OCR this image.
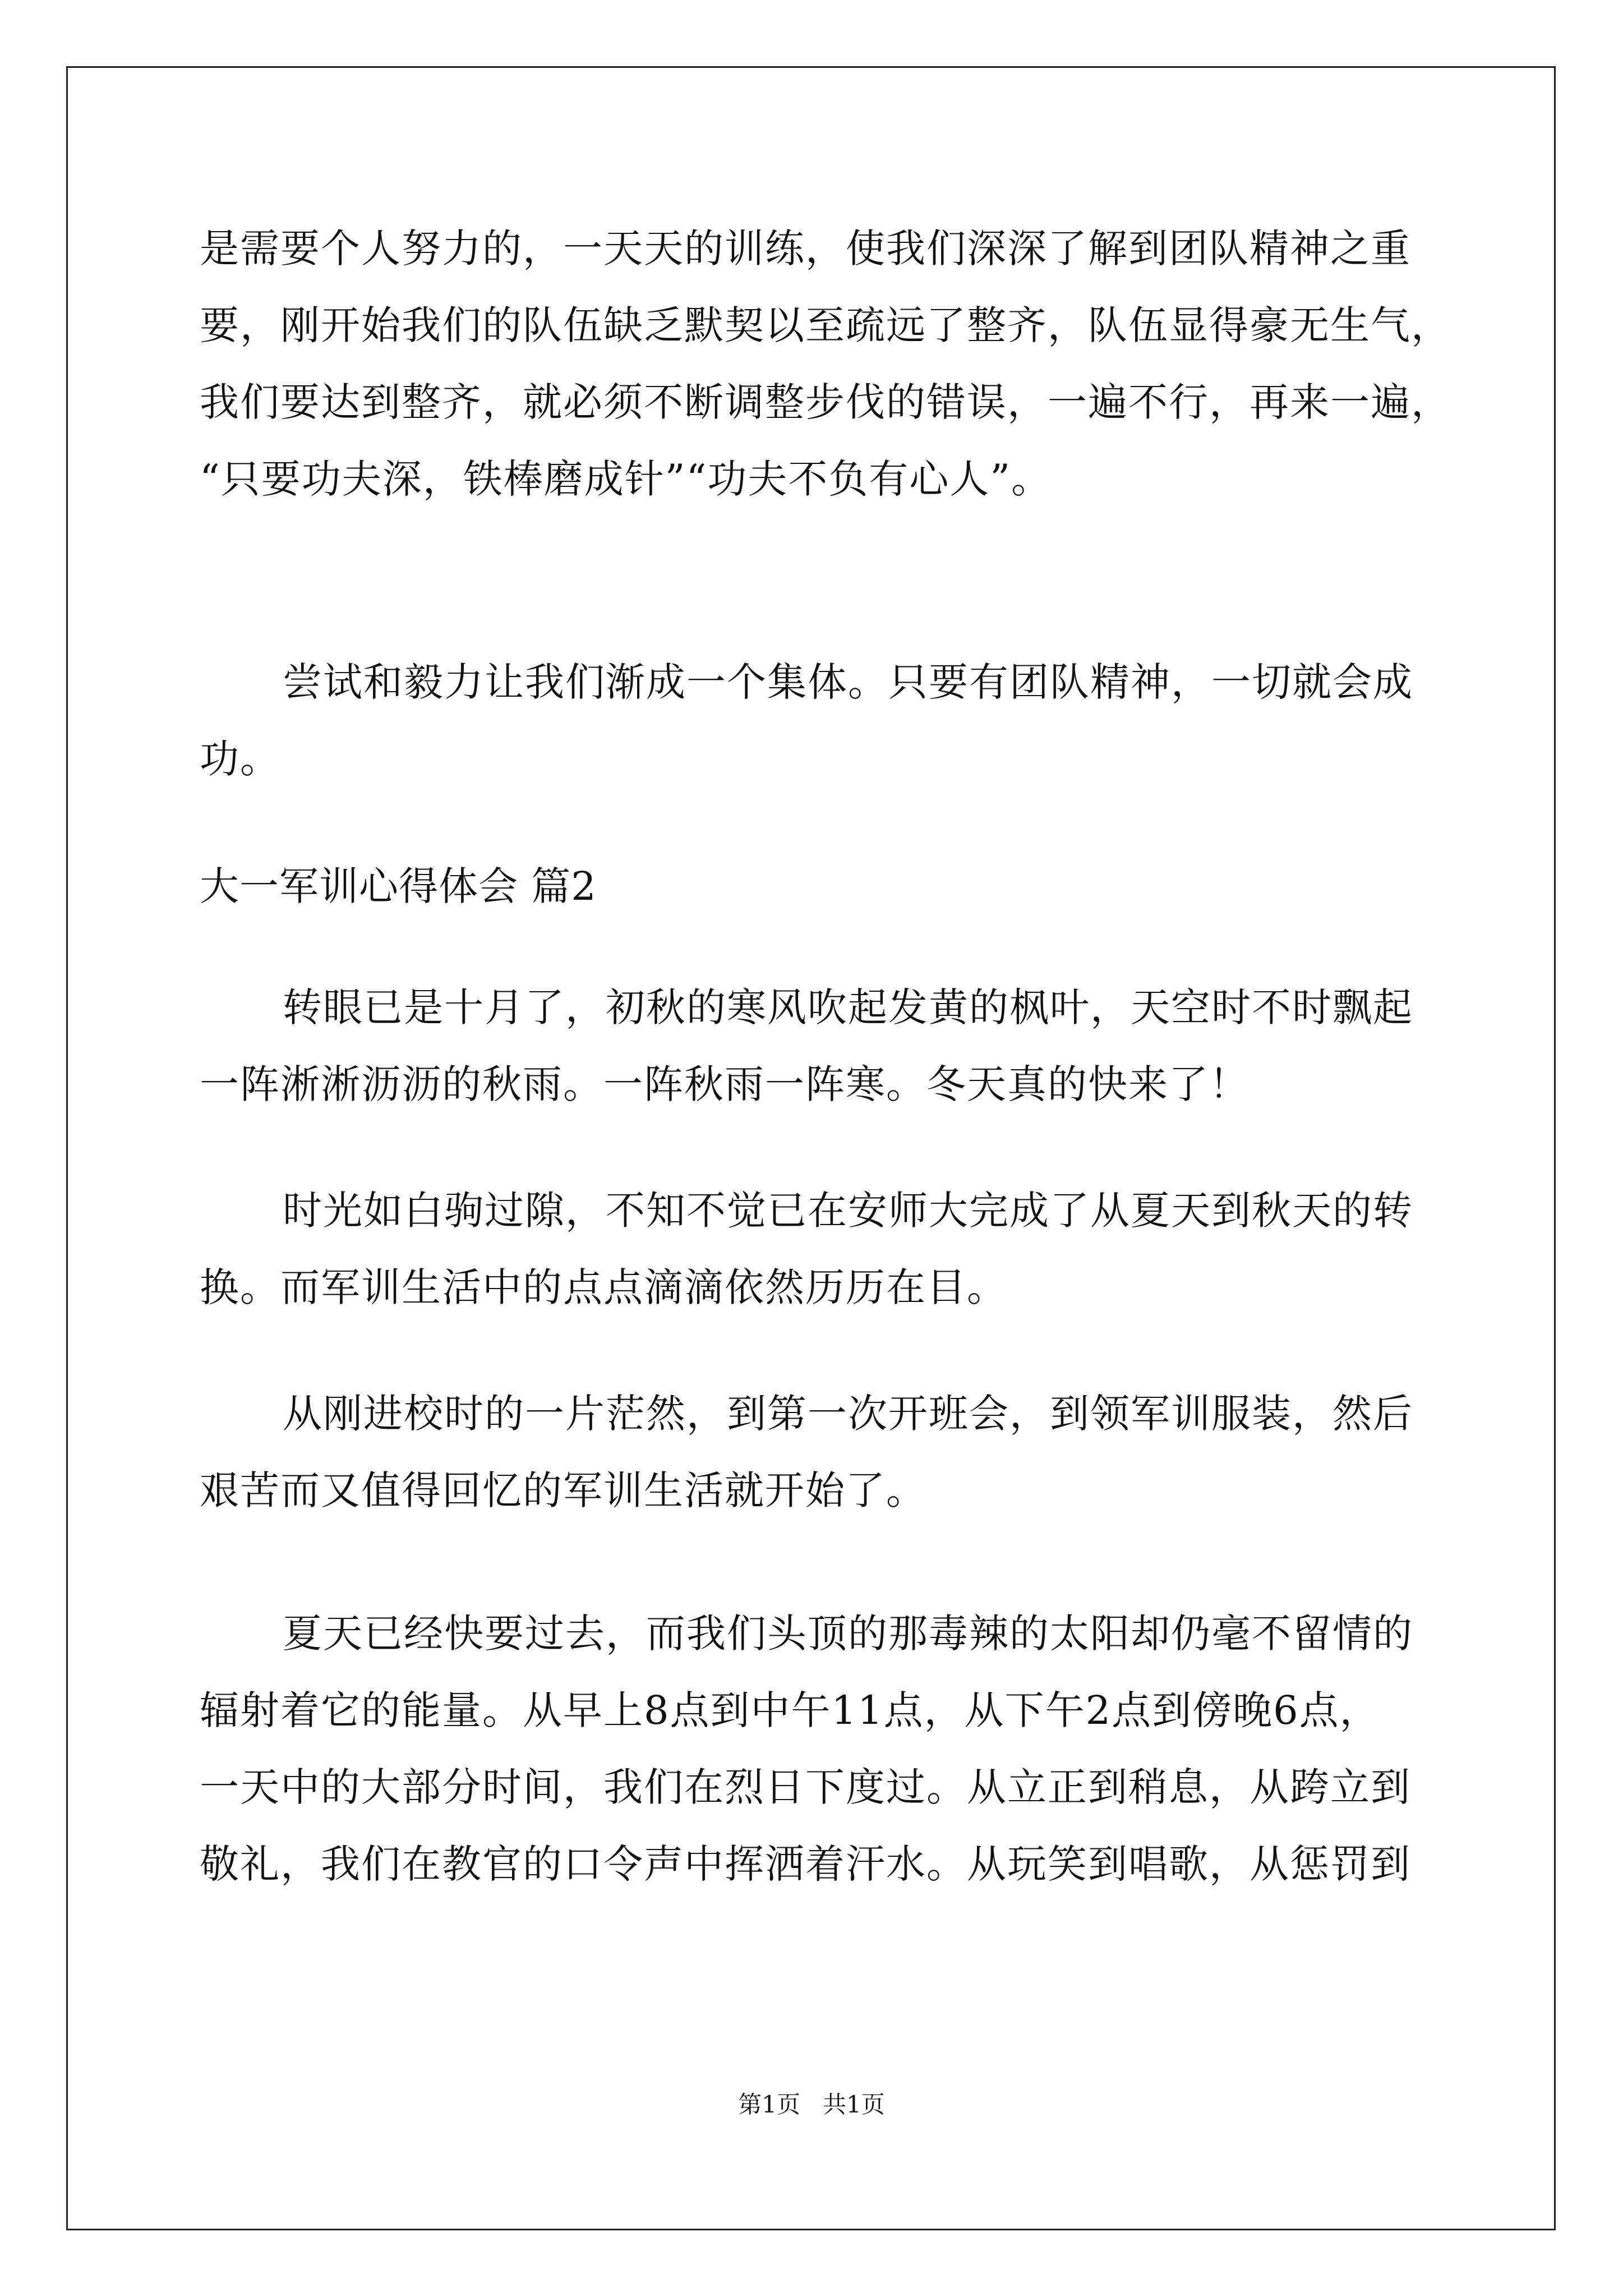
是需要个人努力的，一天天的训练，使我们深深了解到团队精神之重

要，刚开始我们的队伍缺乏默契以至疏远了整齐，队伍显得豪无生气，

我们要达到整齐，就必须不断调整步伐的错误，一遍不行，再来一遍，

“只要功夫深，铁棒磨成针”“功夫不负有心人”。

尝试和毅力让我们渐成一个集体。只要有团队精神，一切就会成

功。

大一军训心得体会 篇2

转眼已是十月了，初秋的寒风吹起发黄的枫叶，天空时不时飘起

一阵淅淅沥沥的秋雨。一阵秋雨一阵寒。冬天真的快来了！

时光如白驹过隙，不知不觉已在安师大完成了从夏天到秋天的转

换。而军训生活中的点点滴滴依然历历在目。

从刚进校时的一片茫然，到第一次开班会，到领军训服装，然后

艰苦而又值得回忆的军训生活就开始了。

夏天已经快要过去，而我们头顶的那毒辣的太阳却仍毫不留情的

辐射着它的能量。从早上8点到中午11点，从下午2点到傍晚6点，

一天中的大部分时间，我们在烈日下度过。从立正到稍息，从跨立到

敬礼，我们在教官的口令声中挥洒着汗水。从玩笑到唱歌，从惩罚到

第1页   共1页
